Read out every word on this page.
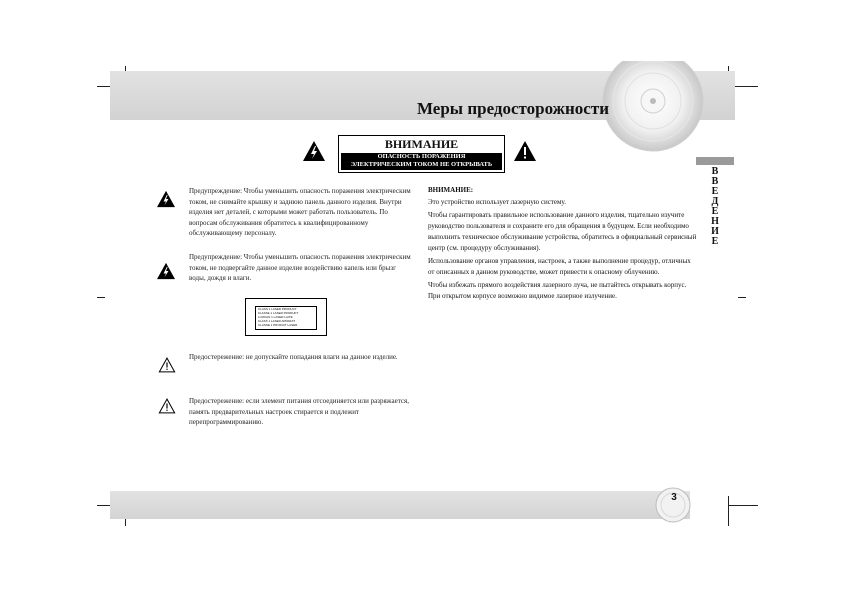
Меры предосторожности
ВВЕДЕНИЕ
ВНИМАНИЕ
ОПАСНОСТЬ ПОРАЖЕНИЯ
ЭЛЕКТРИЧЕСКИМ ТОКОМ НЕ ОТКРЫВАТЬ
Предупреждение: Чтобы уменьшить опасность поражения электрическим током, не снимайте крышку и заднюю панель данного изделия. Внутри изделия нет деталей, с которыми может работать пользователь. По вопросам обслуживания обратитесь к квалифицированному обслуживающему персоналу.
Предупреждение: Чтобы уменьшить опасность поражения электрическим током, не подвергайте данное изделие воздействию капель или брызг воды, дождя и влаги.
CLASS 1 LASER PRODUCT
KLASSE 1 LASER PRODUKT
LUOKAN 1 LASER LAITE
KLASS 1 LASER APPARAT
CLASSE 1 PRODUIT LASER
Предостережение: не допускайте попадания влаги на данное изделие.
Предостережение: если элемент питания отсоединяется или разряжается, память предварительных настроек стирается и подлежит перепрограммированию.
ВНИМАНИЕ:

Это устройство использует лазерную систему.

Чтобы гарантировать правильное использование данного изделия, тщательно изучите руководство пользователя и сохраните его для обращения в будущем. Если необходимо выполнить техническое обслуживание устройства, обратитесь в официальный сервисный центр (см. процедуру обслуживания).

Использование органов управления, настроек, а также выполнение процедур, отличных от описанных в данном руководстве, может привести к опасному облучению.

Чтобы избежать прямого воздействия лазерного луча, не пытайтесь открывать корпус. При открытом корпусе возможно видимое лазерное излучение.

3
